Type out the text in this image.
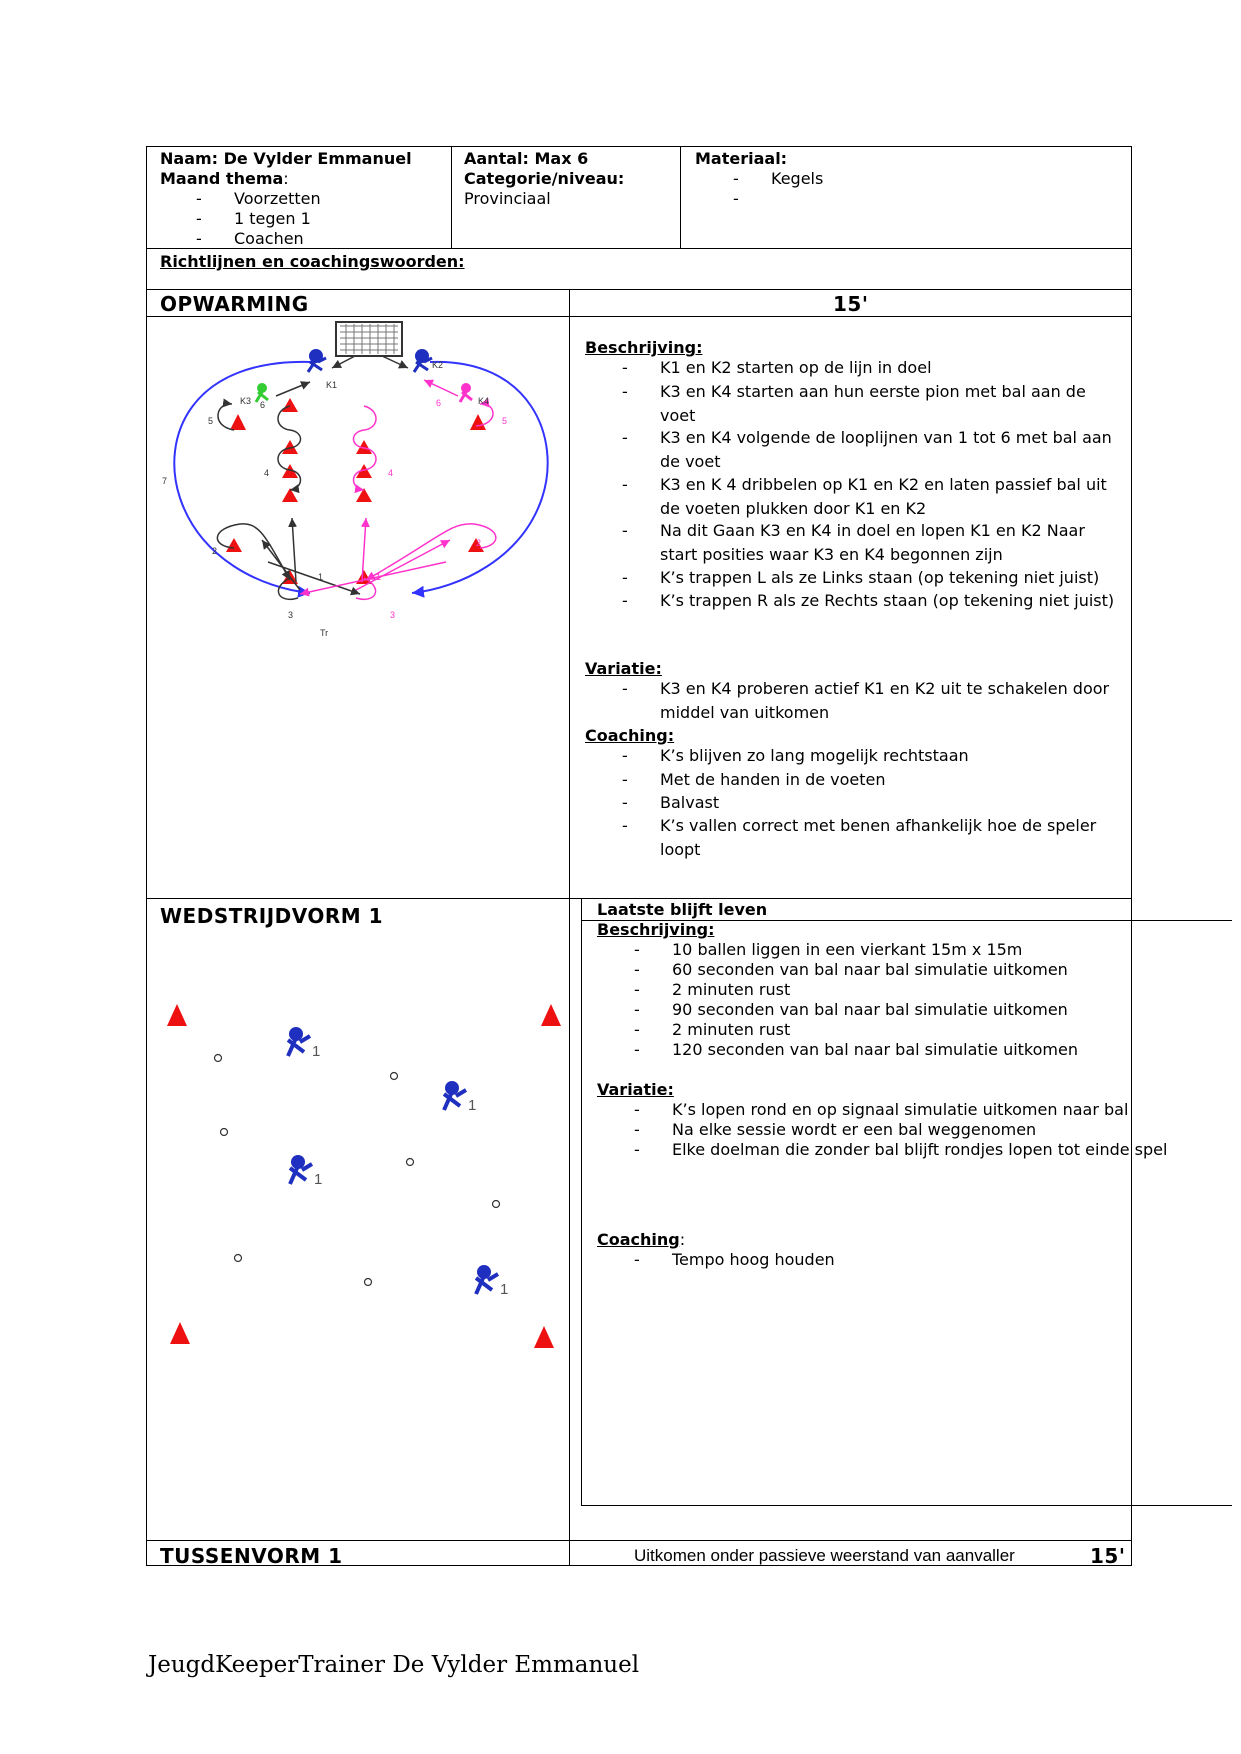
Naam: De Vylder Emmanuel
Maand thema:
- Voorzetten
- 1 tegen 1
- Coachen
Aantal: Max 6
Categorie/niveau:
Provinciaal
Materiaal:
- Kegels
-
Richtlijnen en coachingswoorden:
OPWARMING	15'
K3	K4
K1
K2
Tr
1
2
3
4
5
6
7
1
2
3
4
5
6
Beschrijving:
- K1 en K2 starten op de lijn in doel
- K3 en K4 starten aan hun eerste pion met bal aan de voet
- K3 en K4 volgende de looplijnen van 1 tot 6 met bal aan de voet
- K3 en K 4 dribbelen op K1 en K2 en laten passief bal uit de voeten plukken door K1 en K2
- Na dit Gaan K3 en K4 in doel en lopen K1 en K2 Naar start posities waar K3 en K4 begonnen zijn
- K’s trappen L als ze Links staan (op tekening niet juist)
- K’s trappen R als ze Rechts staan (op tekening niet juist)
Variatie:
- K3 en K4 proberen actief K1 en K2 uit te schakelen door middel van uitkomen
Coaching:
- K’s blijven zo lang mogelijk rechtstaan
- Met de handen in de voeten
- Balvast
- K’s vallen correct met benen afhankelijk hoe de speler loopt
WEDSTRIJDVORM 1
1
1
1
1
Laatste blijft leven
Beschrijving:
- 10 ballen liggen in een vierkant 15m x 15m
- 60 seconden van bal naar bal simulatie uitkomen
- 2 minuten rust
- 90 seconden van bal naar bal simulatie uitkomen
- 2 minuten rust
- 120 seconden van bal naar bal simulatie uitkomen
Variatie:
- K’s lopen rond en op signaal simulatie uitkomen naar bal
- Na elke sessie wordt er een bal weggenomen
- Elke doelman die zonder bal blijft rondjes lopen tot einde spel
Coaching:
- Tempo hoog houden
TUSSENVORM 1	Uitkomen onder passieve weerstand van aanvaller	15'
JeugdKeeperTrainer De Vylder Emmanuel
